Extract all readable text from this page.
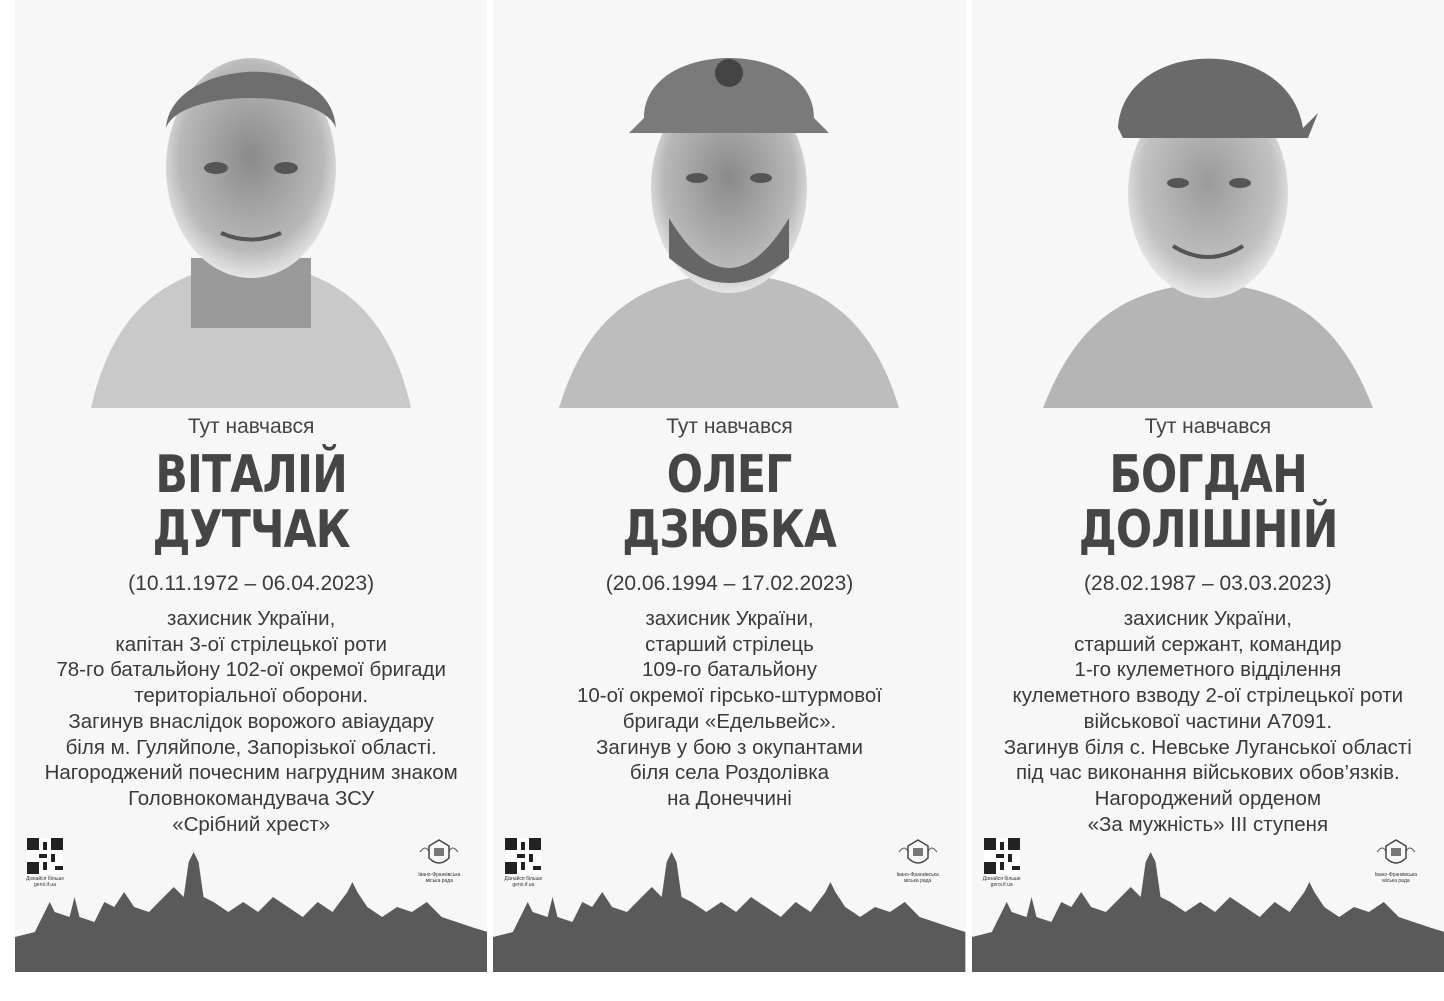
Тут навчався
ВІТАЛІЙ
ДУТЧАК
(10.11.1972 – 06.04.2023)
захисник України,
капітан 3-ої стрілецької роти
78-го батальйону 102-ої окремої бригади
територіальної оборони.
Загинув внаслідок ворожого авіаудару
біля м. Гуляйполе, Запорізької області.
Нагороджений почесним нагрудним знаком
Головнокомандувача ЗСУ
«Срібний хрест»
Дізнайся більше
geroi.if.ua
Івано-Франківська
міська рада
Тут навчався
ОЛЕГ
ДЗЮБКА
(20.06.1994 – 17.02.2023)
захисник України,
старший стрілець
109-го батальйону
10-ої окремої гірсько-штурмової
бригади «Едельвейс».
Загинув у бою з окупантами
біля села Роздолівка
на Донеччині
Дізнайся більше
geroi.if.ua
Івано-Франківська
міська рада
Тут навчався
БОГДАН
ДОЛІШНІЙ
(28.02.1987 – 03.03.2023)
захисник України,
старший сержант, командир
1-го кулеметного відділення
кулеметного взводу 2-ої стрілецької роти
військової частини А7091.
Загинув біля с. Невське Луганської області
під час виконання військових обов’язків.
Нагороджений орденом
«За мужність» III ступеня
Дізнайся більше
geroi.if.ua
Івано-Франківська
міська рада
